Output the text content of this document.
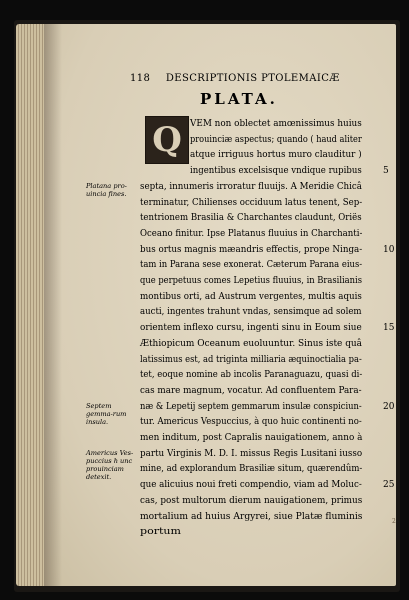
118 DESCRIPTIONIS PTOLEMAICÆ
PLATA.
Q VEM non oblectet amœnissimus huius
prouinciæ aspectus; quando ( haud aliter
atque irriguus hortus muro clauditur )
ingentibus excelsisque vndique rupibus
septa, innumeris irroratur fluuijs. A Meridie Chicâ
terminatur, Chilienses occiduum latus tenent, Sep-
tentrionem Brasilia & Charchantes claudunt, Oriës
Oceano finitur. Ipse Platanus fluuius in Charchanti-
bus ortus magnis mæandris effectis, prope Ninga-
tam in Parana sese exonerat. Cæterum Parana eius-
que perpetuus comes Lepetius fluuius, in Brasilianis
montibus orti, ad Austrum vergentes, multis aquis
aucti, ingentes trahunt vndas, sensimque ad solem
orientem inflexo cursu, ingenti sinu in Eoum siue
Æthiopicum Oceanum euoluuntur. Sinus iste quâ
latissimus est, ad triginta milliaria æquinoctialia pa-
tet, eoque nomine ab incolis Paranaguazu, quasi di-
cas mare magnum, vocatur. Ad confluentem Para-
næ & Lepetij septem gemmarum insulæ conspiciun-
tur. Americus Vespuccius, à quo huic continenti no-
men inditum, post Capralis nauigationem, anno à
partu Virginis M. D. I. missus Regis Lusitani iusso
mine, ad explorandum Brasiliæ situm, quærendûm-
que alicuius noui freti compendio, viam ad Moluc-
cas, post multorum dierum nauigationem, primus
mortalium ad huius Argyrei, siue Platæ fluminis
portum
5
10
15
20
25
Platana pro-uincia fines.
Septem gemma-rum insula.
Americus Ves-puccius h unc prouinciam detexit.
2
